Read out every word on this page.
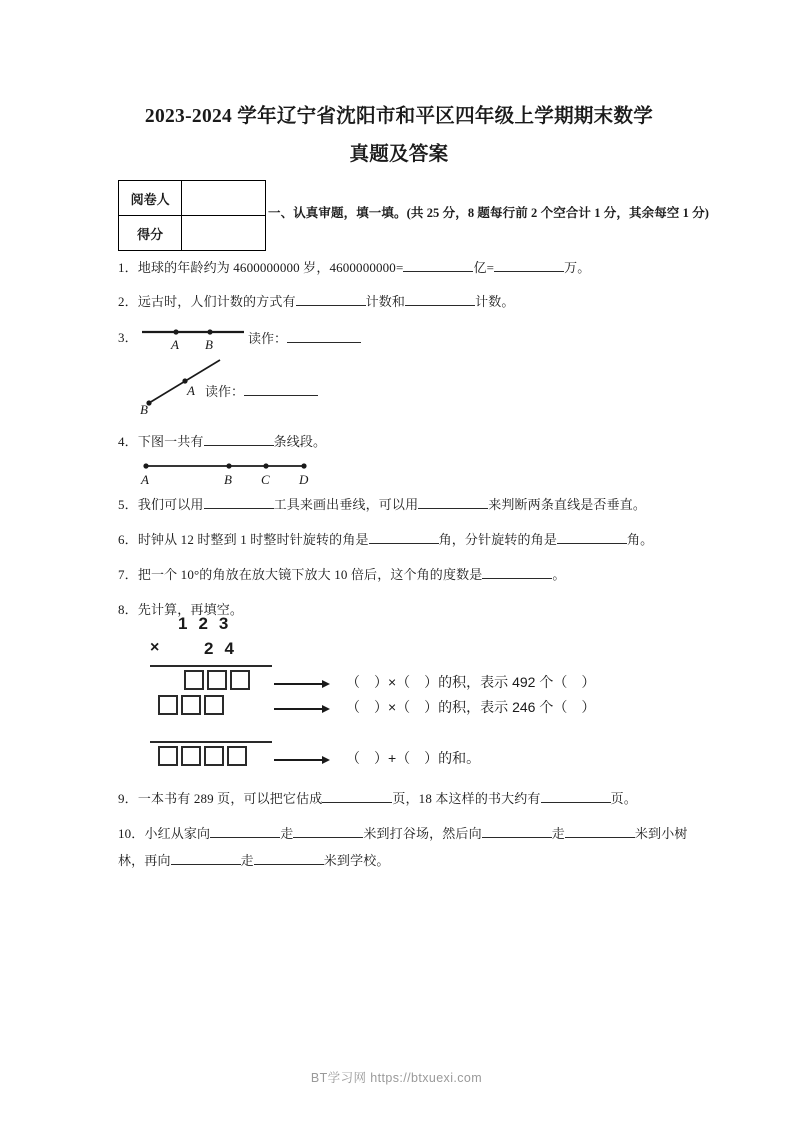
2023-2024 学年辽宁省沈阳市和平区四年级上学期期末数学
真题及答案
阅卷人	
得分	
一、认真审题，填一填。(共 25 分，8 题每行前 2 个空合计 1 分，其余每空 1 分)
1．地球的年龄约为 4600000000 岁，4600000000=	亿=	万。
2．远古时，人们计数的方式有	计数和	计数。
3．	A B	读作：
A
B
读作：
4．下图一共有	条线段。
A	B C D
5．我们可以用	工具来画出垂线，可以用	来判断两条直线是否垂直。
6．时钟从 12 时整到 1 时整时针旋转的角是	角，分针旋转的角是	角。
7．把一个 10°的角放在放大镜下放大 10 倍后，这个角的度数是	。
8．先计算，再填空。
123
×	24
（　）×（　）的积，表示 492 个（　）
（　）×（　）的积，表示 246 个（　）
（　）+（　）的和。
9．一本书有 289 页，可以把它估成	页，18 本这样的书大约有	页。
10．小红从家向	走	米到打谷场，然后向	走	米到小树
林，再向	走	米到学校。
BT学习网 https://btxuexi.com
